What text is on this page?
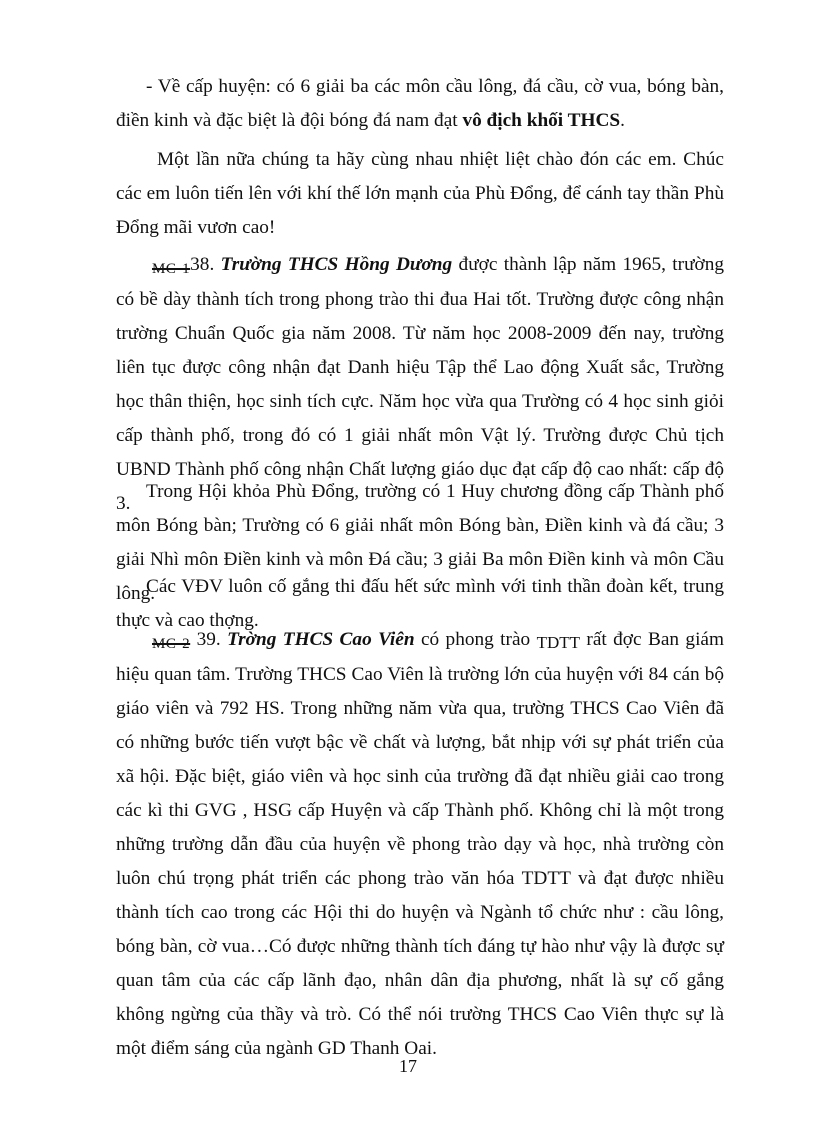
- Về cấp huyện: có 6 giải ba các môn cầu lông, đá cầu, cờ vua, bóng bàn, điền kinh và đặc biệt là đội bóng đá nam đạt vô địch khối THCS.

Một lần nữa chúng ta hãy cùng nhau nhiệt liệt chào đón các em. Chúc các em luôn tiến lên với khí thế lớn mạnh của Phù Đổng, để cánh tay thần Phù Đổng mãi vươn cao!

MC 138. Trường THCS Hồng Dương được thành lập năm 1965, trường có bề dày thành tích trong phong trào thi đua Hai tốt. Trường được công nhận trường Chuẩn Quốc gia năm 2008. Từ năm học 2008-2009 đến nay, trường liên tục được công nhận đạt Danh hiệu Tập thể Lao động Xuất sắc, Trường học thân thiện, học sinh tích cực. Năm học vừa qua Trường có 4 học sinh giỏi cấp thành phố, trong đó có 1 giải nhất môn Vật lý. Trường được Chủ tịch UBND Thành phố công nhận Chất lượng giáo dục đạt cấp độ cao nhất: cấp độ 3.

Trong Hội khỏa Phù Đổng, trường có 1 Huy chương đồng cấp Thành phố môn Bóng bàn; Trường có 6 giải nhất môn Bóng bàn, Điền kinh và đá cầu; 3 giải Nhì môn Điền kinh và môn Đá cầu; 3 giải Ba môn Điền kinh và môn Cầu lông.

Các VĐV luôn cố gắng thi đấu hết sức mình với tinh thần đoàn kết, trung thực và cao thợng.

MC 2 39. Trờng THCS Cao Viên có phong trào TDTT rất đợc Ban giám hiệu quan tâm. Trường THCS Cao Viên là trường lớn của huyện với 84 cán bộ giáo viên và 792 HS. Trong những năm vừa qua, trường THCS Cao Viên đã có những bước tiến vượt bậc về chất và lượng, bắt nhịp với sự phát triển của xã hội. Đặc biệt, giáo viên và học sinh của trường đã đạt nhiều giải cao trong các kì thi GVG , HSG cấp Huyện và cấp Thành phố. Không chỉ là một trong những trường dẫn đầu của huyện về phong trào dạy và học, nhà trường còn luôn chú trọng phát triển các phong trào văn hóa TDTT và đạt được nhiều thành tích cao trong các Hội thi do huyện và Ngành tổ chức như : cầu lông, bóng bàn, cờ vua…Có được những thành tích đáng tự hào như vậy là được sự quan tâm của các cấp lãnh đạo, nhân dân địa phương, nhất là sự cố gắng không ngừng của thầy và trò. Có thể nói trường THCS Cao Viên thực sự là một điểm sáng của ngành GD Thanh Oai.

17
